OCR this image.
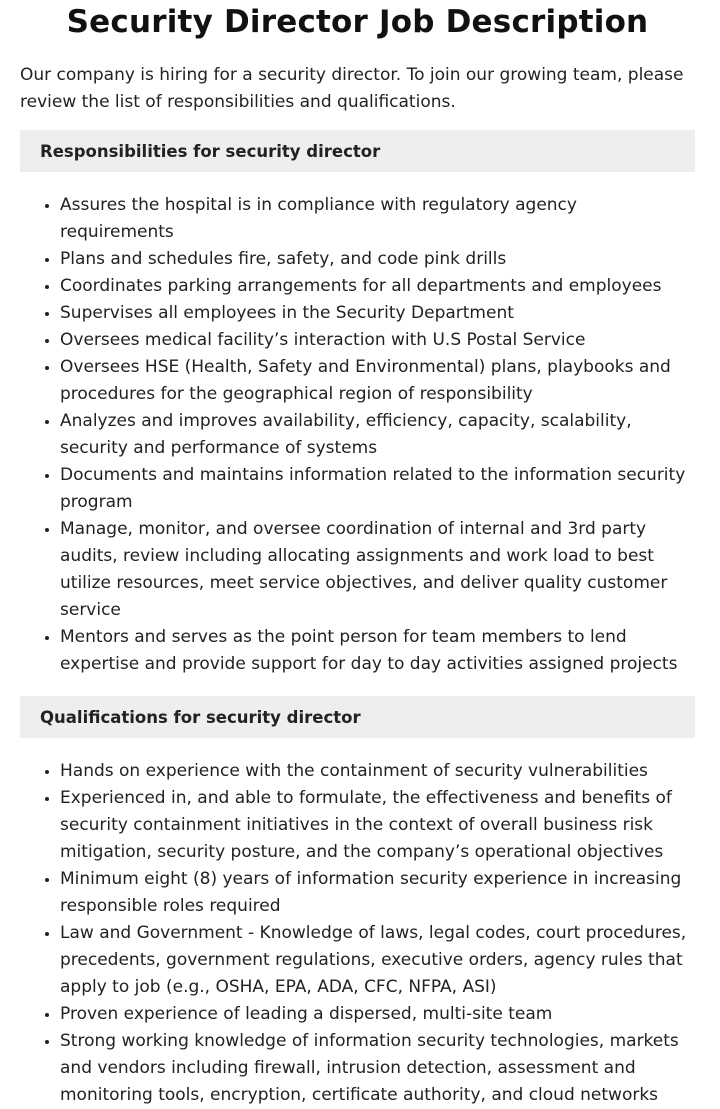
Security Director Job Description

Our company is hiring for a security director. To join our growing team, please review the list of responsibilities and qualifications.

Responsibilities for security director
• Assures the hospital is in compliance with regulatory agency requirements
• Plans and schedules fire, safety, and code pink drills
• Coordinates parking arrangements for all departments and employees
• Supervises all employees in the Security Department
• Oversees medical facility’s interaction with U.S Postal Service
• Oversees HSE (Health, Safety and Environmental) plans, playbooks and procedures for the geographical region of responsibility
• Analyzes and improves availability, efficiency, capacity, scalability, security and performance of systems
• Documents and maintains information related to the information security program
• Manage, monitor, and oversee coordination of internal and 3rd party audits, review including allocating assignments and work load to best utilize resources, meet service objectives, and deliver quality customer service
• Mentors and serves as the point person for team members to lend expertise and provide support for day to day activities assigned projects
Qualifications for security director
• Hands on experience with the containment of security vulnerabilities
• Experienced in, and able to formulate, the effectiveness and benefits of security containment initiatives in the context of overall business risk mitigation, security posture, and the company’s operational objectives
• Minimum eight (8) years of information security experience in increasing responsible roles required
• Law and Government - Knowledge of laws, legal codes, court procedures, precedents, government regulations, executive orders, agency rules that apply to job (e.g., OSHA, EPA, ADA, CFC, NFPA, ASI)
• Proven experience of leading a dispersed, multi-site team
• Strong working knowledge of information security technologies, markets and vendors including firewall, intrusion detection, assessment and monitoring tools, encryption, certificate authority, and cloud networks
